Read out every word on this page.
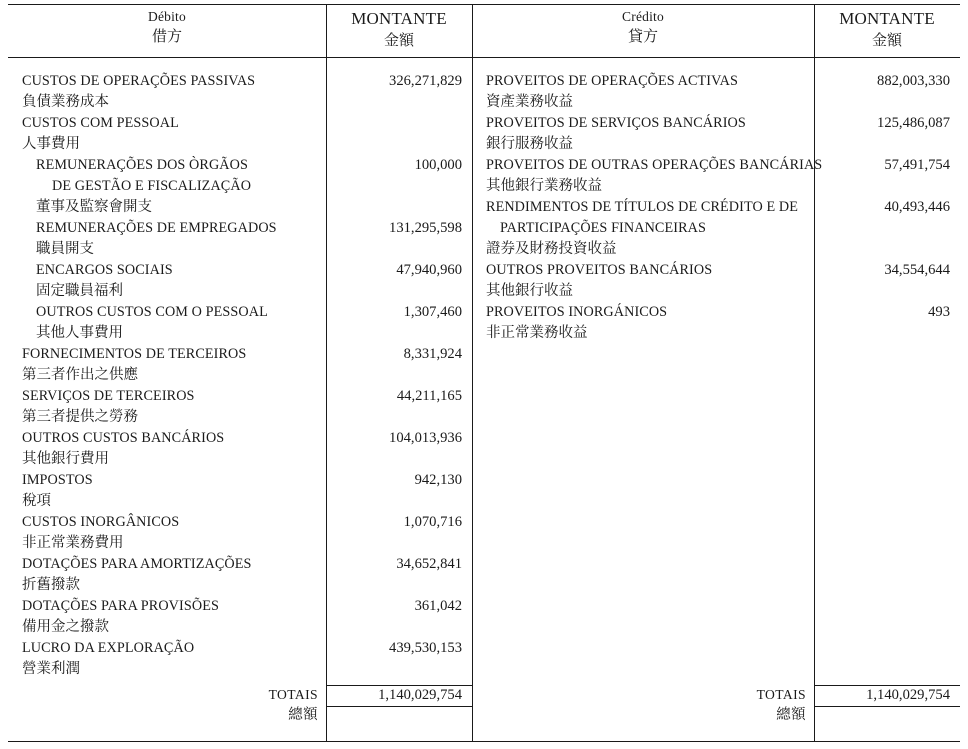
Débito
借方
MONTANTE
金額
Crédito
貸方
MONTANTE
金額
CUSTOS DE OPERAÇÕES PASSIVAS
負債業務成本
CUSTOS COM PESSOAL
人事費用
REMUNERAÇÕES DOS ÒRGÃOS
DE GESTÃO E FISCALIZAÇÃO
董事及監察會開支
REMUNERAÇÕES DE EMPREGADOS
職員開支
ENCARGOS SOCIAIS
固定職員福利
OUTROS CUSTOS COM O PESSOAL
其他人事費用
FORNECIMENTOS DE TERCEIROS
第三者作出之供應
SERVIÇOS DE TERCEIROS
第三者提供之勞務
OUTROS CUSTOS BANCÁRIOS
其他銀行費用
IMPOSTOS
稅項
CUSTOS INORGÂNICOS
非正常業務費用
DOTAÇÕES PARA AMORTIZAÇÕES
折舊撥款
DOTAÇÕES PARA PROVISÕES
備用金之撥款
LUCRO DA EXPLORAÇÃO
營業利潤
326,271,829
100,000
131,295,598
47,940,960
1,307,460
8,331,924
44,211,165
104,013,936
942,130
1,070,716
34,652,841
361,042
439,530,153
PROVEITOS DE OPERAÇÕES ACTIVAS
資產業務收益
PROVEITOS DE SERVIÇOS BANCÁRIOS
銀行服務收益
PROVEITOS DE OUTRAS OPERAÇÕES BANCÁRIAS
其他銀行業務收益
RENDIMENTOS DE TÍTULOS DE CRÉDITO E DE
PARTICIPAÇÕES FINANCEIRAS
證券及財務投資收益
OUTROS PROVEITOS BANCÁRIOS
其他銀行收益
PROVEITOS INORGÁNICOS
非正常業務收益
882,003,330
125,486,087
57,491,754
40,493,446
34,554,644
493
TOTAIS
總額
1,140,029,754	TOTAIS
總額
1,140,029,754
